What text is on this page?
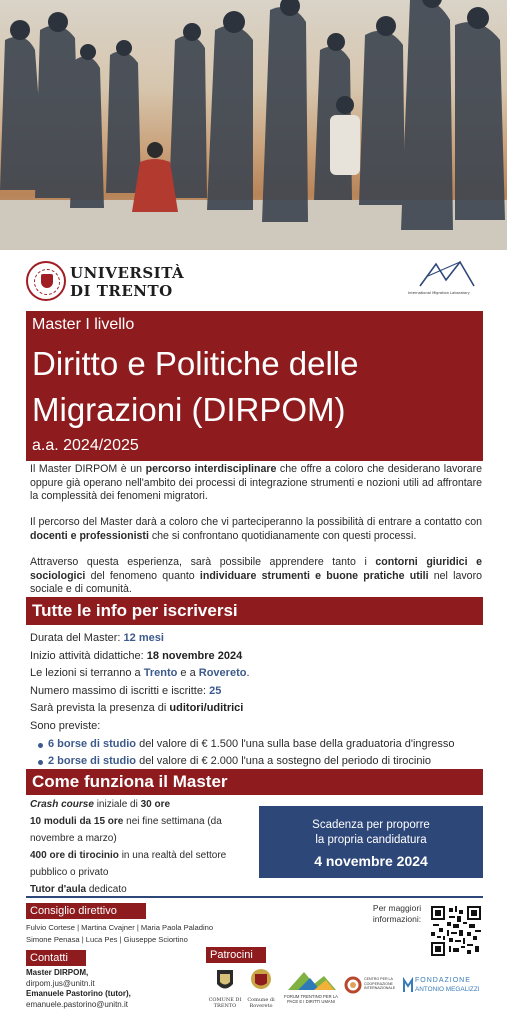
UNIVERSITÀ
DI TRENTO	International Migration Laboratory
Master I livello
Diritto e Politiche delle Migrazioni (DIRPOM)
a.a. 2024/2025
Il Master DIRPOM è un percorso interdisciplinare che offre a coloro che desiderano lavorare oppure già operano nell'ambito dei processi di integrazione strumenti e nozioni utili ad affrontare la complessità dei fenomeni migratori.
Il percorso del Master darà a coloro che vi parteciperanno la possibilità di entrare a contatto con docenti e professionisti che si confrontano quotidianamente con questi processi.
Attraverso questa esperienza, sarà possibile apprendere tanto i contorni giuridici e sociologici del fenomeno quanto individuare strumenti e buone pratiche utili nel lavoro sociale e di comunità.
Tutte le info per iscriversi
Durata del Master: 12 mesi
Inizio attività didattiche: 18 novembre 2024
Le lezioni si terranno a Trento e a Rovereto.
Numero massimo di iscritti e iscritte: 25
Sarà prevista la presenza di uditori/uditrici
Sono previste:
6 borse di studio del valore di € 1.500 l'una sulla base della graduatoria d'ingresso
2 borse di studio del valore di € 2.000 l'una a sostegno del periodo di tirocinio
Come funziona il Master
Crash course iniziale di 30 ore
10 moduli da 15 ore nei fine settimana (da novembre a marzo)
400 ore di tirocinio in una realtà del settore pubblico o privato
Tutor d'aula dedicato
Scadenza per proporre
la propria candidatura
4 novembre 2024
Consiglio direttivo
Fulvio Cortese | Martina Cvajner | Maria Paola Paladino
Simone Penasa | Luca Pes | Giuseppe Sciortino
Contatti
Master DIRPOM,
dirpom.jus@unitn.it
Emanuele Pastorino (tutor),
emanuele.pastorino@unitn.it
Per maggiori informazioni:
Patrocini
COMUNE DI TRENTO
Comune di Rovereto
FORUM TRENTINO PER LA PACE E I DIRITTI UMANI
CENTRO PER LA COOPERAZIONE INTERNAZIONALE
FONDAZIONE
ANTONIO MEGALIZZI
